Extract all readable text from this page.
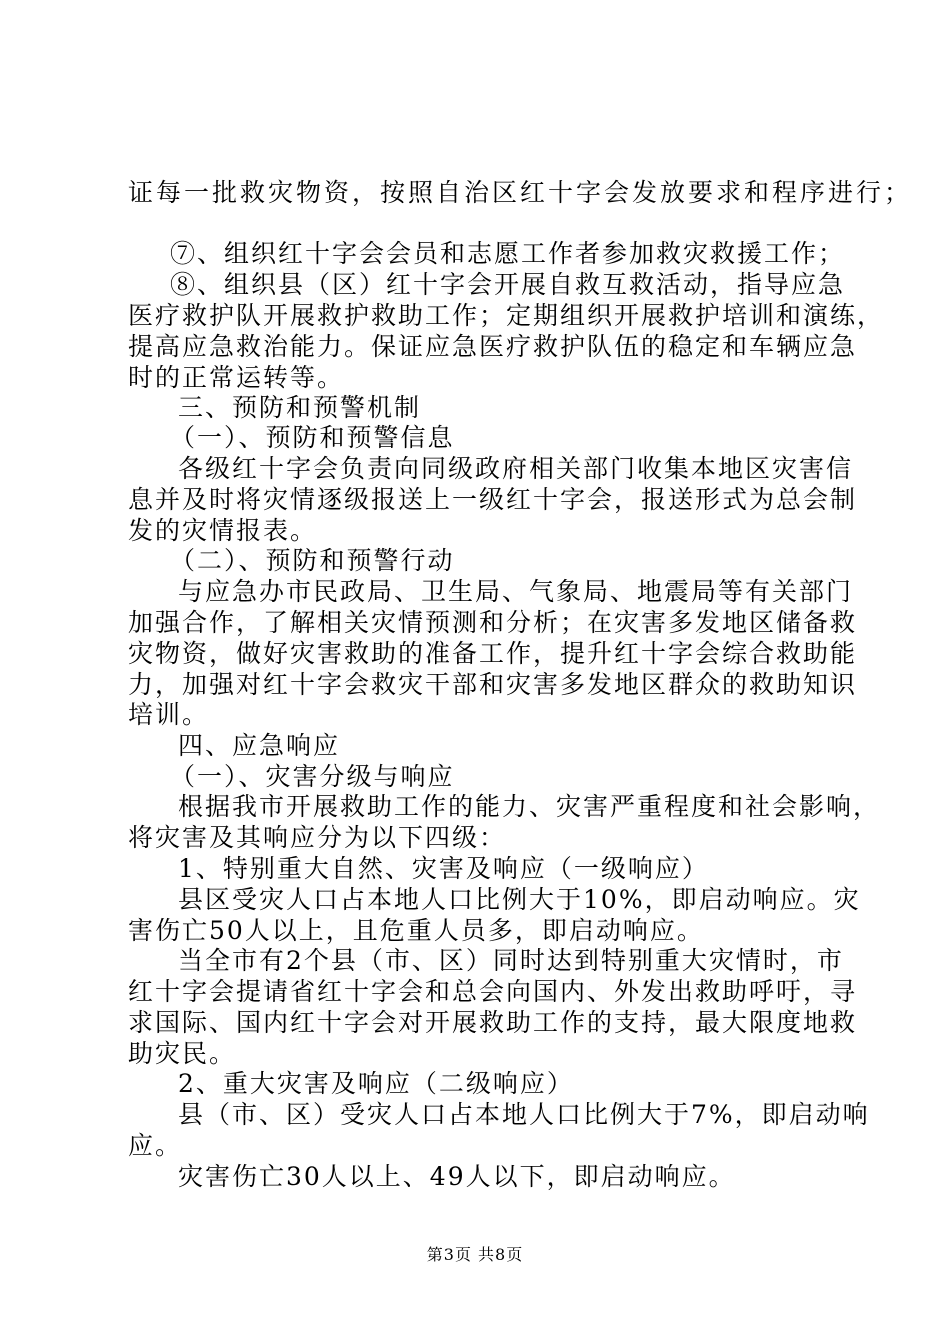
证每一批救灾物资，按照自治区红十字会发放要求和程序进行；
⑦、组织红十字会会员和志愿工作者参加救灾救援工作；
⑧、组织县（区）红十字会开展自救互救活动，指导应急
医疗救护队开展救护救助工作；定期组织开展救护培训和演练，
提高应急救治能力。保证应急医疗救护队伍的稳定和车辆应急
时的正常运转等。
三、预防和预警机制
（一）、预防和预警信息
各级红十字会负责向同级政府相关部门收集本地区灾害信
息并及时将灾情逐级报送上一级红十字会，报送形式为总会制
发的灾情报表。
（二）、预防和预警行动
与应急办市民政局、卫生局、气象局、地震局等有关部门
加强合作，了解相关灾情预测和分析；在灾害多发地区储备救
灾物资，做好灾害救助的准备工作，提升红十字会综合救助能
力，加强对红十字会救灾干部和灾害多发地区群众的救助知识
培训。
四、应急响应
（一）、灾害分级与响应
根据我市开展救助工作的能力、灾害严重程度和社会影响，
将灾害及其响应分为以下四级：
1、特别重大自然、灾害及响应（一级响应）
县区受灾人口占本地人口比例大于10%，即启动响应。灾
害伤亡50人以上，且危重人员多，即启动响应。
当全市有2个县（市、区）同时达到特别重大灾情时，市
红十字会提请省红十字会和总会向国内、外发出救助呼吁，寻
求国际、国内红十字会对开展救助工作的支持，最大限度地救
助灾民。
2、重大灾害及响应（二级响应）
县（市、区）受灾人口占本地人口比例大于7%，即启动响
应。
灾害伤亡30人以上、49人以下，即启动响应。
第3页 共8页
